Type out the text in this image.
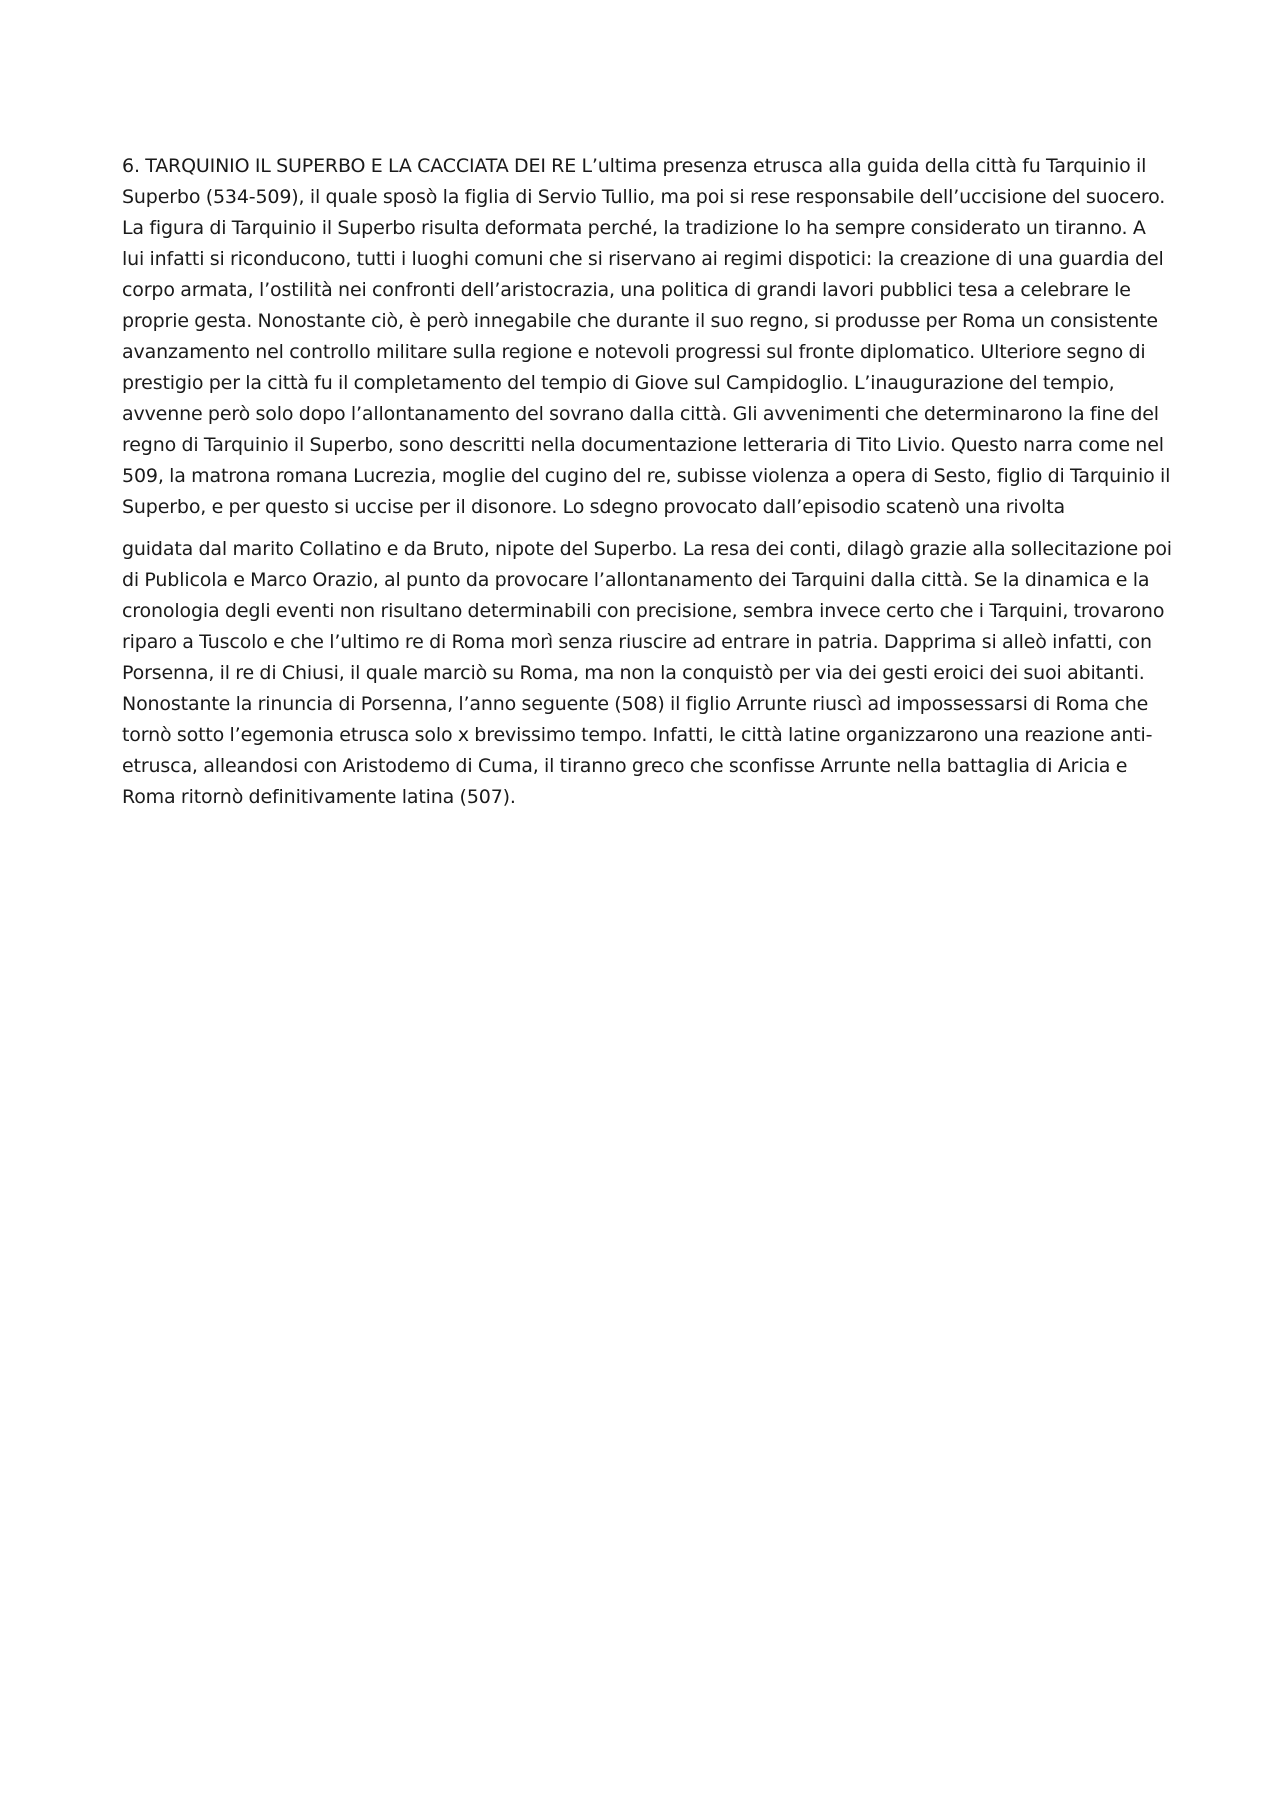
6. TARQUINIO IL SUPERBO E LA CACCIATA DEI RE L’ultima presenza etrusca alla guida della città fu Tarquinio il Superbo (534-509), il quale sposò la figlia di Servio Tullio, ma poi si rese responsabile dell’uccisione del suocero. La figura di Tarquinio il Superbo risulta deformata perché, la tradizione lo ha sempre considerato un tiranno. A lui infatti si riconducono, tutti i luoghi comuni che si riservano ai regimi dispotici: la creazione di una guardia del corpo armata, l’ostilità nei confronti dell’aristocrazia, una politica di grandi lavori pubblici tesa a celebrare le proprie gesta. Nonostante ciò, è però innegabile che durante il suo regno, si produsse per Roma un consistente avanzamento nel controllo militare sulla regione e notevoli progressi sul fronte diplomatico. Ulteriore segno di prestigio per la città fu il completamento del tempio di Giove sul Campidoglio. L’inaugurazione del tempio, avvenne però solo dopo l’allontanamento del sovrano dalla città. Gli avvenimenti che determinarono la fine del regno di Tarquinio il Superbo, sono descritti nella documentazione letteraria di Tito Livio. Questo narra come nel 509, la matrona romana Lucrezia, moglie del cugino del re, subisse violenza a opera di Sesto, figlio di Tarquinio il Superbo, e per questo si uccise per il disonore. Lo sdegno provocato dall’episodio scatenò una rivolta

guidata dal marito Collatino e da Bruto, nipote del Superbo. La resa dei conti, dilagò grazie alla sollecitazione poi di Publicola e Marco Orazio, al punto da provocare l’allontanamento dei Tarquini dalla città. Se la dinamica e la cronologia degli eventi non risultano determinabili con precisione, sembra invece certo che i Tarquini, trovarono riparo a Tuscolo e che l’ultimo re di Roma morì senza riuscire ad entrare in patria. Dapprima si alleò infatti, con Porsenna, il re di Chiusi, il quale marciò su Roma, ma non la conquistò per via dei gesti eroici dei suoi abitanti. Nonostante la rinuncia di Porsenna, l’anno seguente (508) il figlio Arrunte riuscì ad impossessarsi di Roma che tornò sotto l’egemonia etrusca solo x brevissimo tempo. Infatti, le città latine organizzarono una reazione anti- etrusca, alleandosi con Aristodemo di Cuma, il tiranno greco che sconfisse Arrunte nella battaglia di Aricia e Roma ritornò definitivamente latina (507).
